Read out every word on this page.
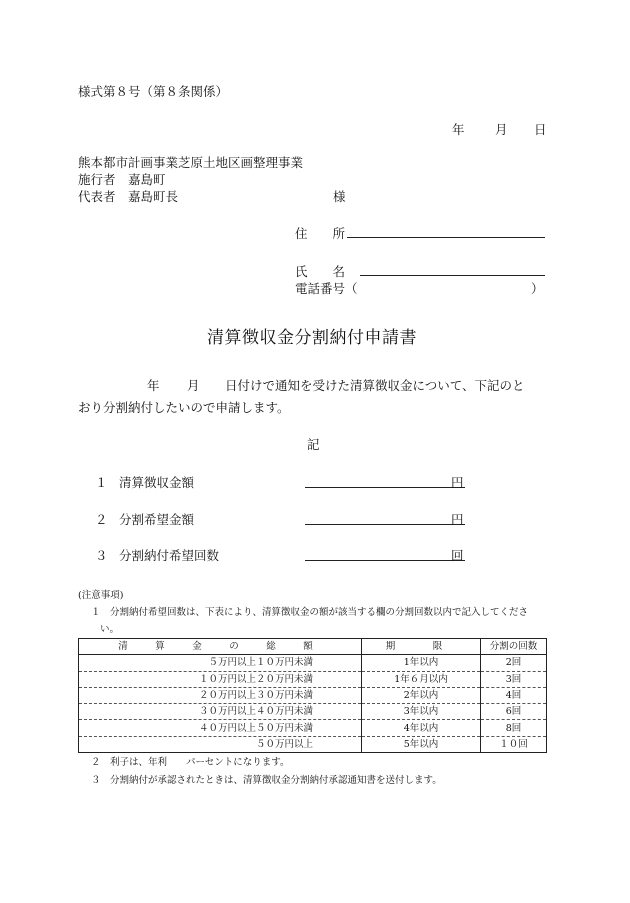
様式第８号（第８条関係）
年 月 日
熊本都市計画事業芝原土地区画整理事業
施行者　嘉島町
代表者　嘉島町長	様
住　　所
氏　　名
電話番号（	）
清算徴収金分割納付申請書
年 月 日付けで通知を受けた清算徴収金について、下記のと
おり分割納付したいので申請します。
記
１ 清算徴収金額	円
２ 分割希望金額	円
３ 分割納付希望回数	回
(注意事項)
１　分割納付希望回数は、下表により、清算徴収金の額が該当する欄の分割回数以内で記入してくださ
い。
清　算　金　の　総　額	期　限	分割の回数
５万円以上１０万円未満	1年以内	2回
１０万円以上２０万円未満	1年６月以内	3回
２０万円以上３０万円未満	2年以内	4回
３０万円以上４０万円未満	3年以内	6回
４０万円以上５０万円未満	4年以内	8回
５０万円以上	5年以内	１０回
２　利子は、年利　　パーセントになります。
３　分割納付が承認されたときは、清算徴収金分割納付承認通知書を送付します。
